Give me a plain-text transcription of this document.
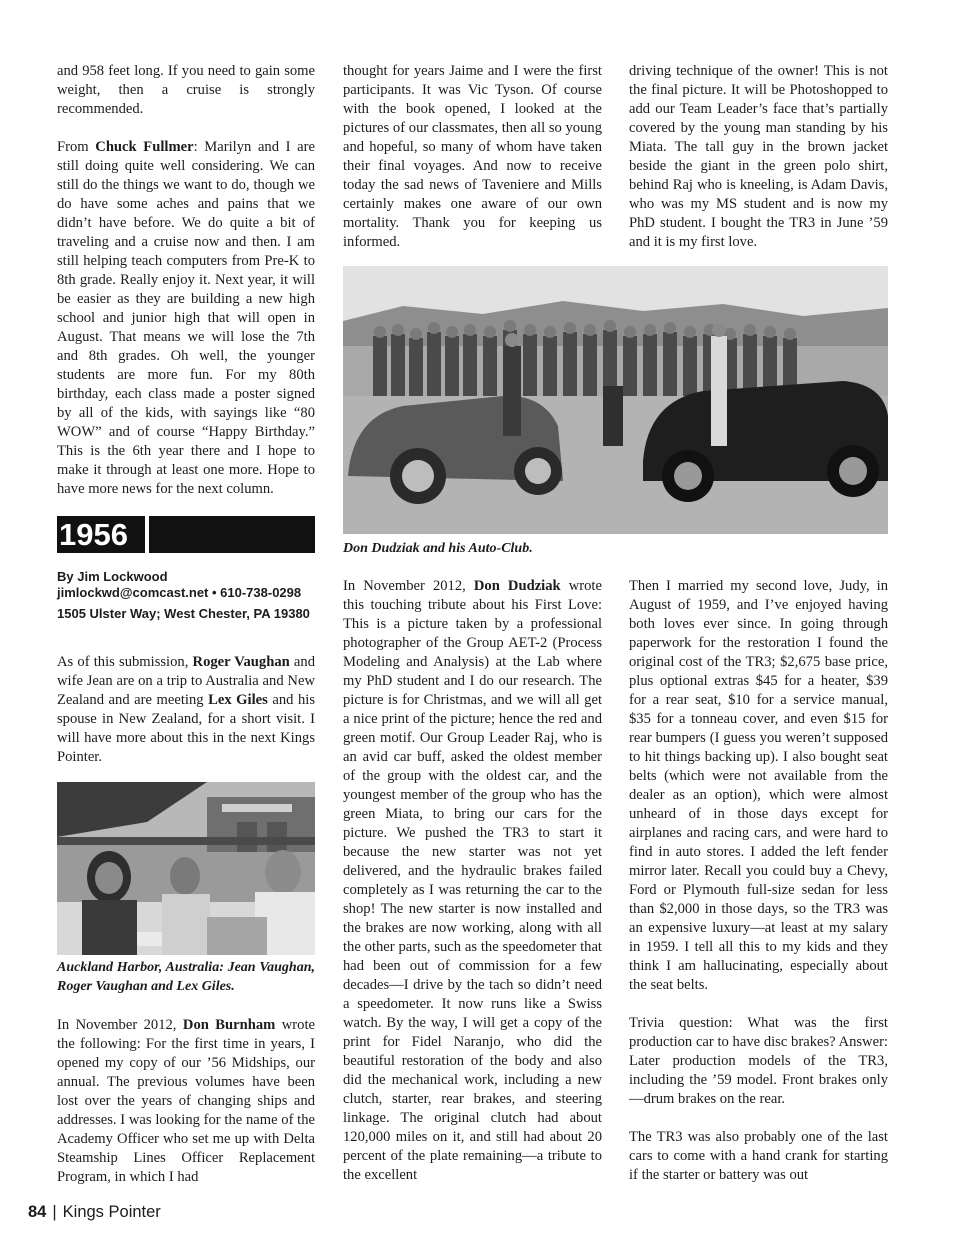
and 958 feet long. If you need to gain some weight, then a cruise is strongly recommended.

From Chuck Fullmer: Marilyn and I are still doing quite well considering. We can still do the things we want to do, though we do have some aches and pains that we didn’t have before. We do quite a bit of traveling and a cruise now and then. I am still helping teach computers from Pre-K to 8th grade. Really enjoy it. Next year, it will be easier as they are building a new high school and junior high that will open in August. That means we will lose the 7th and 8th grades. Oh well, the younger students are more fun. For my 80th birthday, each class made a poster signed by all of the kids, with sayings like “80 WOW” and of course “Happy Birthday.” This is the 6th year there and I hope to make it through at least one more. Hope to have more news for the next column.

1956
By Jim Lockwood
jimlockwd@comcast.net • 610-738-0298
1505 Ulster Way; West Chester, PA 19380

As of this submission, Roger Vaughan and wife Jean are on a trip to Australia and New Zealand and are meeting Lex Giles and his spouse in New Zealand, for a short visit. I will have more about this in the next Kings Pointer.

Auckland Harbor, Australia: Jean Vaughan, Roger Vaughan and Lex Giles.

In November 2012, Don Burnham wrote the following: For the first time in years, I opened my copy of our ’56 Midships, our annual. The previous volumes have been lost over the years of changing ships and addresses. I was looking for the name of the Academy Officer who set me up with Delta Steamship Lines Officer Replacement Program, in which I had

thought for years Jaime and I were the first participants. It was Vic Tyson. Of course with the book opened, I looked at the pictures of our classmates, then all so young and hopeful, so many of whom have taken their final voyages. And now to receive today the sad news of Taveniere and Mills certainly makes one aware of our own mortality. Thank you for keeping us informed.

driving technique of the owner! This is not the final picture. It will be Photoshopped to add our Team Leader’s face that’s partially covered by the young man standing by his Miata. The tall guy in the brown jacket beside the giant in the green polo shirt, behind Raj who is kneeling, is Adam Davis, who was my MS student and is now my PhD student. I bought the TR3 in June ’59 and it is my first love.

Don Dudziak and his Auto-Club.

In November 2012, Don Dudziak wrote this touching tribute about his First Love: This is a picture taken by a professional photographer of the Group AET-2 (Process Modeling and Analysis) at the Lab where my PhD student and I do our research. The picture is for Christmas, and we will all get a nice print of the picture; hence the red and green motif. Our Group Leader Raj, who is an avid car buff, asked the oldest member of the group with the oldest car, and the youngest member of the group who has the green Miata, to bring our cars for the picture. We pushed the TR3 to start it because the new starter was not yet delivered, and the hydraulic brakes failed completely as I was returning the car to the shop! The new starter is now installed and the brakes are now working, along with all the other parts, such as the speedometer that had been out of commission for a few decades—I drive by the tach so didn’t need a speedometer. It now runs like a Swiss watch. By the way, I will get a copy of the print for Fidel Naranjo, who did the beautiful restoration of the body and also did the mechanical work, including a new clutch, starter, rear brakes, and steering linkage. The original clutch had about 120,000 miles on it, and still had about 20 percent of the plate remaining—a tribute to the excellent

Then I married my second love, Judy, in August of 1959, and I’ve enjoyed having both loves ever since. In going through paperwork for the restoration I found the original cost of the TR3; $2,675 base price, plus optional extras $45 for a heater, $39 for a rear seat, $10 for a service manual, $35 for a tonneau cover, and even $15 for rear bumpers (I guess you weren’t supposed to hit things backing up). I also bought seat belts (which were not available from the dealer as an option), which were almost unheard of in those days except for airplanes and racing cars, and were hard to find in auto stores. I added the left fender mirror later. Recall you could buy a Chevy, Ford or Plymouth full-size sedan for less than $2,000 in those days, so the TR3 was an expensive luxury—at least at my salary in 1959. I tell all this to my kids and they think I am hallucinating, especially about the seat belts.

Trivia question: What was the first production car to have disc brakes? Answer: Later production models of the TR3, including the ’59 model. Front brakes only—drum brakes on the rear.

The TR3 was also probably one of the last cars to come with a hand crank for starting if the starter or battery was out

84 | Kings Pointer
